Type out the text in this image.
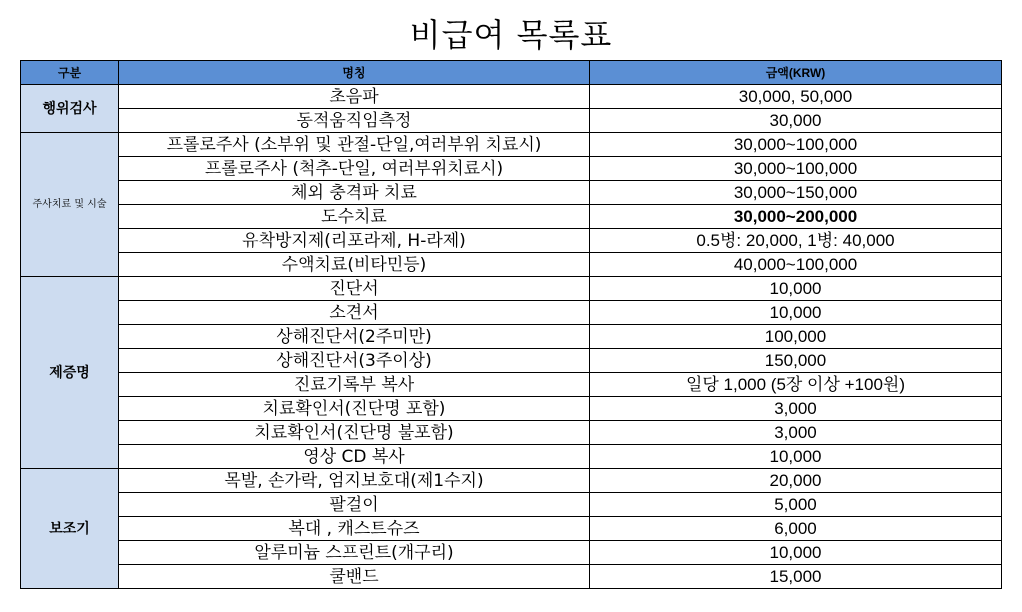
비급여 목록표
구분	명칭	금액(KRW)
행위검사	초음파	30,000, 50,000
	동적움직임측정	30,000
주사치료 및 시술	프롤로주사 (소부위 및 관절-단일,여러부위 치료시)	30,000~100,000
	프롤로주사 (척추-단일, 여러부위치료시)	30,000~100,000
	체외 충격파 치료	30,000~150,000
	도수치료	30,000~200,000
	유착방지제(리포라제, H-라제)	0.5병: 20,000, 1병: 40,000
	수액치료(비타민등)	40,000~100,000
제증명	진단서	10,000
	소견서	10,000
	상해진단서(2주미만)	100,000
	상해진단서(3주이상)	150,000
	진료기록부 복사	일당 1,000 (5장 이상 +100원)
	치료확인서(진단명 포함)	3,000
	치료확인서(진단명 불포함)	3,000
	영상 CD 복사	10,000
보조기	목발, 손가락, 엄지보호대(제1수지)	20,000
	팔걸이	5,000
	복대 , 캐스트슈즈	6,000
	알루미늄 스프린트(개구리)	10,000
	쿨밴드	15,000
